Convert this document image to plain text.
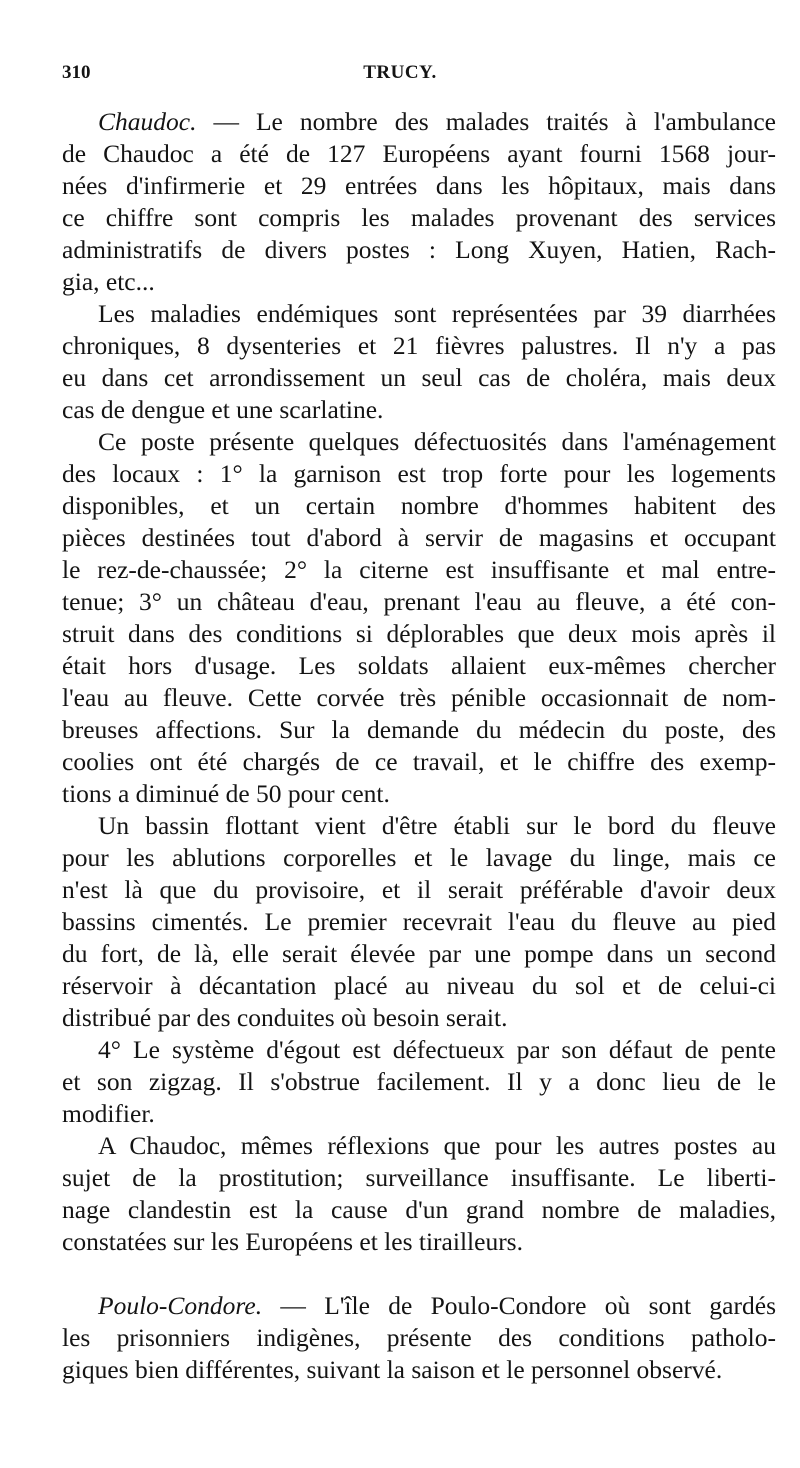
310	TRUCY.
Chaudoc. — Le nombre des malades traités à l'ambulance
de Chaudoc a été de 127 Européens ayant fourni 1568 jour-
nées d'infirmerie et 29 entrées dans les hôpitaux, mais dans
ce chiffre sont compris les malades provenant des services
administratifs de divers postes : Long Xuyen, Hatien, Rach-
gia, etc...
Les maladies endémiques sont représentées par 39 diarrhées
chroniques, 8 dysenteries et 21 fièvres palustres. Il n'y a pas
eu dans cet arrondissement un seul cas de choléra, mais deux
cas de dengue et une scarlatine.
Ce poste présente quelques défectuosités dans l'aménagement
des locaux : 1° la garnison est trop forte pour les logements
disponibles, et un certain nombre d'hommes habitent des
pièces destinées tout d'abord à servir de magasins et occupant
le rez-de-chaussée; 2° la citerne est insuffisante et mal entre-
tenue; 3° un château d'eau, prenant l'eau au fleuve, a été con-
struit dans des conditions si déplorables que deux mois après il
était hors d'usage. Les soldats allaient eux-mêmes chercher
l'eau au fleuve. Cette corvée très pénible occasionnait de nom-
breuses affections. Sur la demande du médecin du poste, des
coolies ont été chargés de ce travail, et le chiffre des exemp-
tions a diminué de 50 pour cent.
Un bassin flottant vient d'être établi sur le bord du fleuve
pour les ablutions corporelles et le lavage du linge, mais ce
n'est là que du provisoire, et il serait préférable d'avoir deux
bassins cimentés. Le premier recevrait l'eau du fleuve au pied
du fort, de là, elle serait élevée par une pompe dans un second
réservoir à décantation placé au niveau du sol et de celui-ci
distribué par des conduites où besoin serait.
4° Le système d'égout est défectueux par son défaut de pente
et son zigzag. Il s'obstrue facilement. Il y a donc lieu de le
modifier.
A Chaudoc, mêmes réflexions que pour les autres postes au
sujet de la prostitution; surveillance insuffisante. Le liberti-
nage clandestin est la cause d'un grand nombre de maladies,
constatées sur les Européens et les tirailleurs.
Poulo-Condore. — L'île de Poulo-Condore où sont gardés
les prisonniers indigènes, présente des conditions patholo-
giques bien différentes, suivant la saison et le personnel observé.
